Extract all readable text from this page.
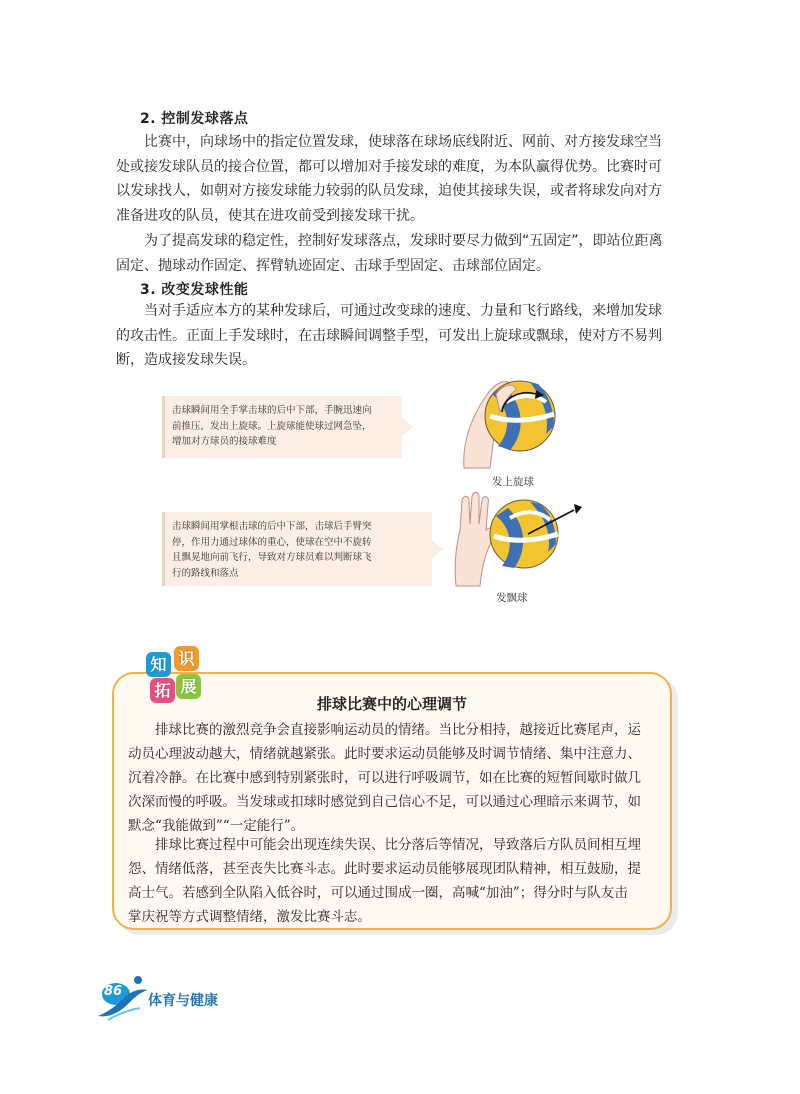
2. 控制发球落点

比赛中，向球场中的指定位置发球，使球落在球场底线附近、网前、对方接发球空当
处或接发球队员的接合位置，都可以增加对手接发球的难度，为本队赢得优势。比赛时可
以发球找人，如朝对方接发球能力较弱的队员发球，迫使其接球失误，或者将球发向对方
准备进攻的队员，使其在进攻前受到接发球干扰。

为了提高发球的稳定性，控制好发球落点，发球时要尽力做到“五固定”，即站位距离
固定、抛球动作固定、挥臂轨迹固定、击球手型固定、击球部位固定。

3. 改变发球性能

当对手适应本方的某种发球后，可通过改变球的速度、力量和飞行路线，来增加发球
的攻击性。正面上手发球时，在击球瞬间调整手型，可发出上旋球或飘球，使对方不易判
断，造成接发球失误。

击球瞬间用全手掌击球的后中下部，手腕迅速向
前推压，发出上旋球。上旋球能使球过网急坠，
增加对方球员的接球难度
发上旋球
击球瞬间用掌根击球的后中下部，击球后手臂突
停，作用力通过球体的重心，使球在空中不旋转
且飘晃地向前飞行，导致对方球员难以判断球飞
行的路线和落点
发飘球
知 识
拓 展
排球比赛中的心理调节

排球比赛的激烈竞争会直接影响运动员的情绪。当比分相持，越接近比赛尾声，运
动员心理波动越大，情绪就越紧张。此时要求运动员能够及时调节情绪、集中注意力、
沉着冷静。在比赛中感到特别紧张时，可以进行呼吸调节，如在比赛的短暂间歇时做几
次深而慢的呼吸。当发球或扣球时感觉到自己信心不足，可以通过心理暗示来调节，如
默念“我能做到”“一定能行”。

排球比赛过程中可能会出现连续失误、比分落后等情况，导致落后方队员间相互埋
怨、情绪低落，甚至丧失比赛斗志。此时要求运动员能够展现团队精神，相互鼓励，提
高士气。若感到全队陷入低谷时，可以通过围成一圈，高喊“加油”；得分时与队友击
掌庆祝等方式调整情绪，激发比赛斗志。

86
体育与健康
